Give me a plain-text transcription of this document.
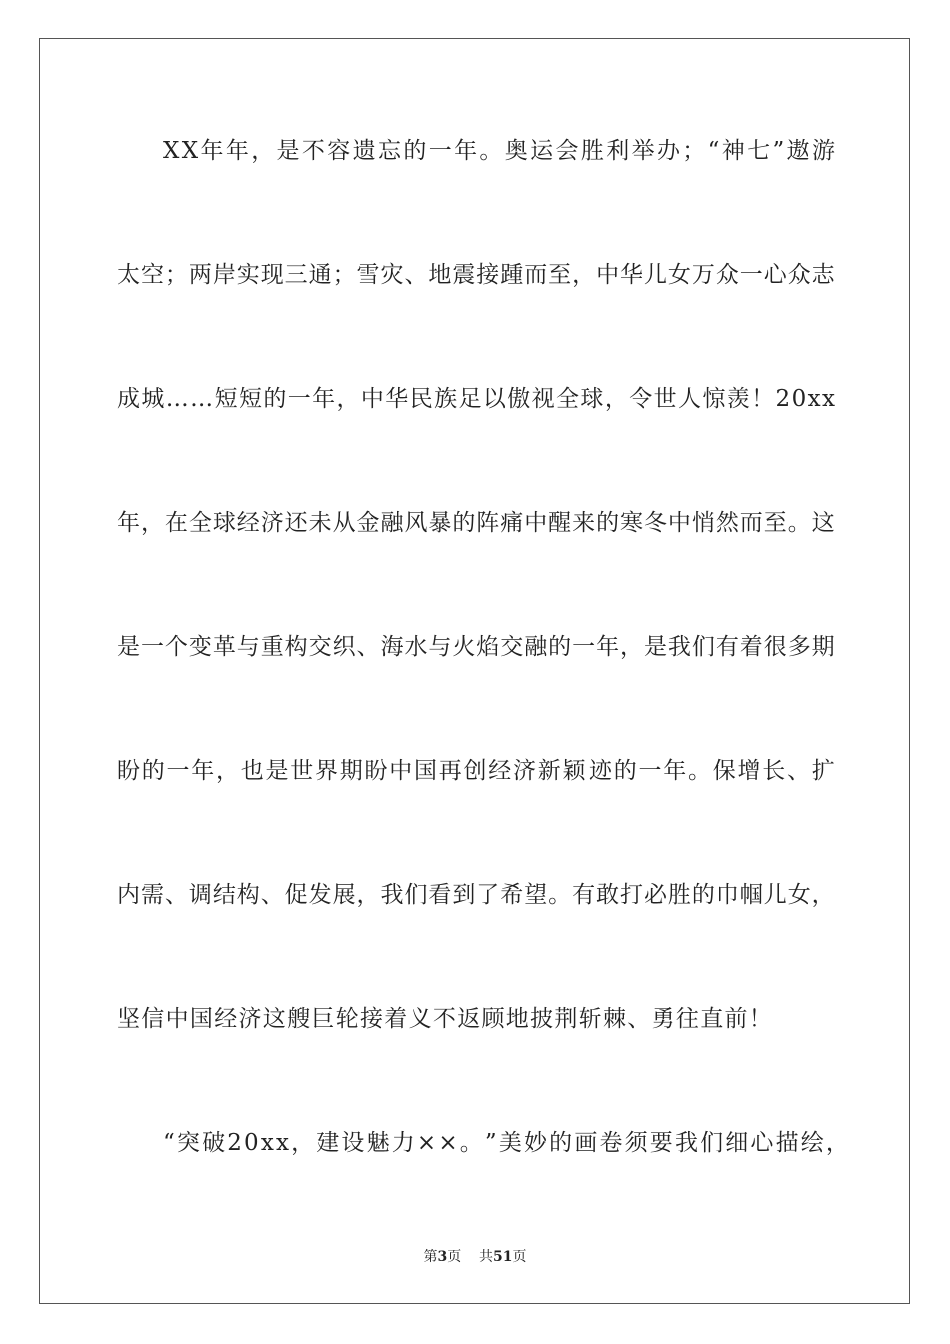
X X 年 年 ， 是 不 容 遗 忘 的 一 年 。 奥 运 会 胜 利 举 办 ； “ 神 七 ” 遨 游
太 空 ； 两 岸 实 现 三 通 ； 雪 灾 、 地 震 接 踵 而 至 ， 中 华 儿 女 万 众 一 心 众 志
成 城 … … 短 短 的 一 年 ， 中 华 民 族 足 以 傲 视 全 球 ， 令 世 人 惊 羡 ！ 2 0 x x
年 ， 在 全 球 经 济 还 未 从 金 融 风 暴 的 阵 痛 中 醒 来 的 寒 冬 中 悄 然 而 至 。 这
是 一 个 变 革 与 重 构 交 织 、 海 水 与 火 焰 交 融 的 一 年 ， 是 我 们 有 着 很 多 期
盼 的 一 年 ， 也 是 世 界 期 盼 中 国 再 创 经 济 新 颖 迹 的 一 年 。 保 增 长 、 扩
内 需 、 调 结 构 、 促 发 展 ， 我 们 看 到 了 希 望 。 有 敢 打 必 胜 的 巾 帼 儿 女 ，
坚信中国经济这艘巨轮接着义不返顾地披荆斩棘、勇往直前！
“ 突 破 2 0 x x ， 建 设 魅 力 × × 。 ” 美 妙 的 画 卷 须 要 我 们 细 心 描 绘 ，
第3页 共51页
